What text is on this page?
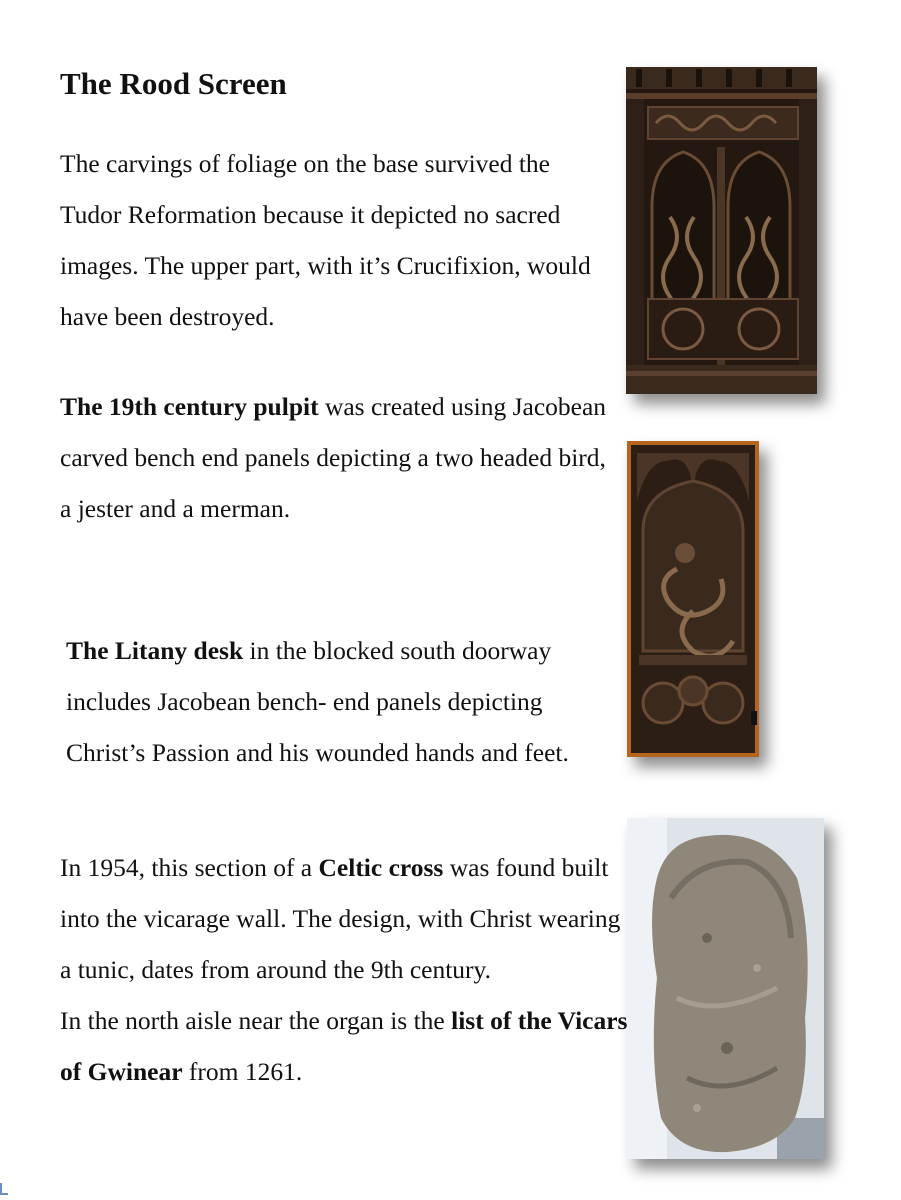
The Rood Screen

The carvings of foliage on the base survived the Tudor Reformation because it depicted no sacred images. The upper part, with it’s Crucifixion, would have been destroyed.

The 19th century pulpit was created using Jacobean carved bench end panels depicting a two headed bird, a jester and a merman.

The Litany desk in the blocked south doorway includes Jacobean bench- end panels depicting Christ’s Passion and his wounded hands and feet.

In 1954, this section of a Celtic cross was found built into the vicarage wall. The design, with Christ wearing a tunic, dates from around the 9th century.
In the north aisle near the organ is the list of the Vicars of Gwinear from 1261.
